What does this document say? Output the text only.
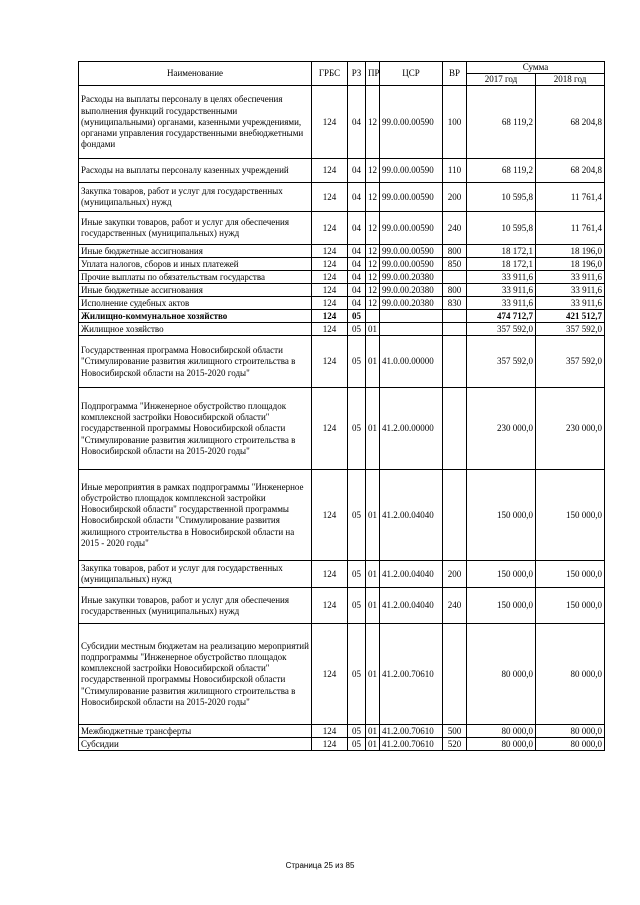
Наименование	ГРБС	РЗ	ПР	ЦСР	ВР	Сумма	
						2017 год	2018 год
Расходы на выплаты персоналу в целях обеспечения выполнения функций государственными (муниципальными) органами, казенными учреждениями, органами управления государственными внебюджетными фондами	124	04	12	99.0.00.00590	100	68 119,2	68 204,8
Расходы на выплаты персоналу казенных учреждений	124	04	12	99.0.00.00590	110	68 119,2	68 204,8
Закупка товаров, работ и услуг для государственных (муниципальных) нужд	124	04	12	99.0.00.00590	200	10 595,8	11 761,4
Иные закупки товаров, работ и услуг для обеспечения государственных (муниципальных) нужд	124	04	12	99.0.00.00590	240	10 595,8	11 761,4
Иные бюджетные ассигнования	124	04	12	99.0.00.00590	800	18 172,1	18 196,0
Уплата налогов, сборов и иных платежей	124	04	12	99.0.00.00590	850	18 172,1	18 196,0
Прочие выплаты по обязательствам государства	124	04	12	99.0.00.20380		33 911,6	33 911,6
Иные бюджетные ассигнования	124	04	12	99.0.00.20380	800	33 911,6	33 911,6
Исполнение судебных актов	124	04	12	99.0.00.20380	830	33 911,6	33 911,6
Жилищно-коммунальное хозяйство	124	05				474 712,7	421 512,7
Жилищное хозяйство	124	05	01			357 592,0	357 592,0
Государственная программа Новосибирской области "Стимулирование развития жилищного строительства в Новосибирской области на 2015-2020 годы"	124	05	01	41.0.00.00000		357 592,0	357 592,0
Подпрограмма "Инженерное обустройство площадок комплексной застройки Новосибирской области" государственной программы Новосибирской области "Стимулирование развития жилищного строительства в Новосибирской области на 2015-2020 годы"	124	05	01	41.2.00.00000		230 000,0	230 000,0
Иные мероприятия в рамках подпрограммы "Инженерное обустройство площадок комплексной застройки Новосибирской области" государственной программы Новосибирской области "Стимулирование развития жилищного строительства в Новосибирской области на 2015 - 2020 годы"	124	05	01	41.2.00.04040		150 000,0	150 000,0
Закупка товаров, работ и услуг для государственных (муниципальных) нужд	124	05	01	41.2.00.04040	200	150 000,0	150 000,0
Иные закупки товаров, работ и услуг для обеспечения государственных (муниципальных) нужд	124	05	01	41.2.00.04040	240	150 000,0	150 000,0
Субсидии местным бюджетам на реализацию мероприятий подпрограммы "Инженерное обустройство площадок комплексной застройки Новосибирской области" государственной программы Новосибирской области "Стимулирование развития жилищного строительства в Новосибирской области на 2015-2020 годы"	124	05	01	41.2.00.70610		80 000,0	80 000,0
Межбюджетные трансферты	124	05	01	41.2.00.70610	500	80 000,0	80 000,0
Субсидии	124	05	01	41.2.00.70610	520	80 000,0	80 000,0
Страница 25 из 85
